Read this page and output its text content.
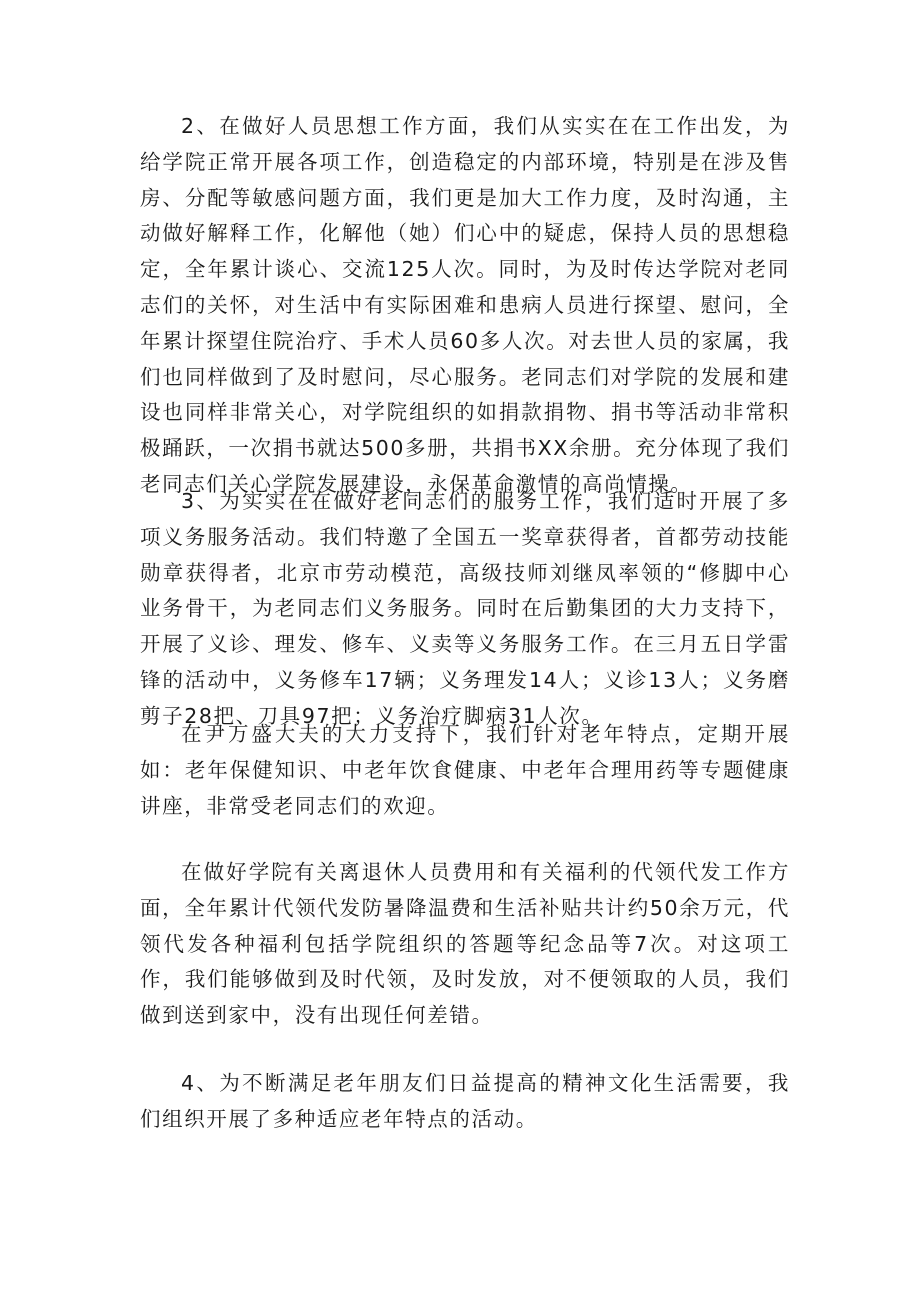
2、在做好人员思想工作方面，我们从实实在在工作出发，为给学院正常开展各项工作，创造稳定的内部环境，特别是在涉及售房、分配等敏感问题方面，我们更是加大工作力度，及时沟通，主动做好解释工作，化解他（她）们心中的疑虑，保持人员的思想稳定，全年累计谈心、交流125人次。同时，为及时传达学院对老同志们的关怀，对生活中有实际困难和患病人员进行探望、慰问，全年累计探望住院治疗、手术人员60多人次。对去世人员的家属，我们也同样做到了及时慰问，尽心服务。老同志们对学院的发展和建设也同样非常关心，对学院组织的如捐款捐物、捐书等活动非常积极踊跃，一次捐书就达500多册，共捐书XX余册。充分体现了我们老同志们关心学院发展建设，永保革命激情的高尚情操。

3、为实实在在做好老同志们的服务工作，我们适时开展了多项义务服务活动。我们特邀了全国五一奖章获得者，首都劳动技能勋章获得者，北京市劳动模范，高级技师刘继凤率领的“修脚中心业务骨干，为老同志们义务服务。同时在后勤集团的大力支持下，开展了义诊、理发、修车、义卖等义务服务工作。在三月五日学雷锋的活动中，义务修车17辆；义务理发14人；义诊13人；义务磨剪子28把、刀具97把；义务治疗脚病31人次。

在尹万盛大夫的大力支持下，我们针对老年特点，定期开展如：老年保健知识、中老年饮食健康、中老年合理用药等专题健康讲座，非常受老同志们的欢迎。

在做好学院有关离退休人员费用和有关福利的代领代发工作方面，全年累计代领代发防暑降温费和生活补贴共计约50余万元，代领代发各种福利包括学院组织的答题等纪念品等7次。对这项工作，我们能够做到及时代领，及时发放，对不便领取的人员，我们做到送到家中，没有出现任何差错。

4、为不断满足老年朋友们日益提高的精神文化生活需要，我们组织开展了多种适应老年特点的活动。
